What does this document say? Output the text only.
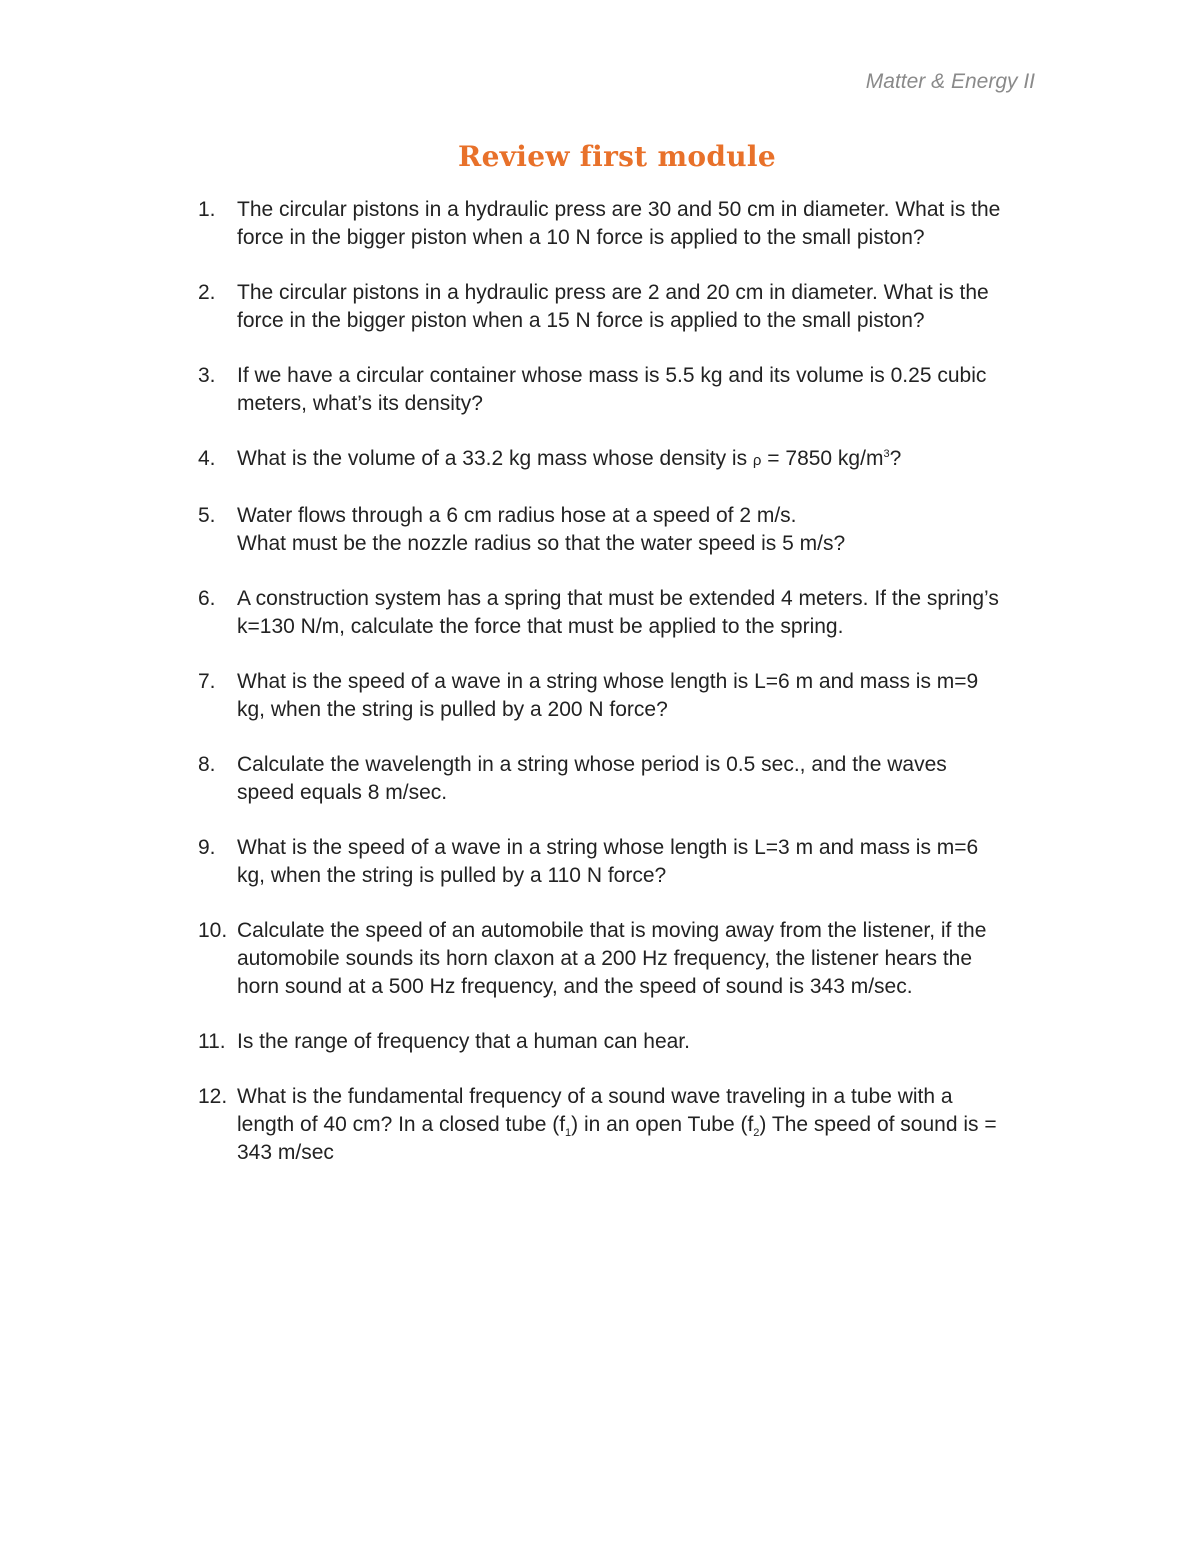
Matter & Energy II
Review first module
1. The circular pistons in a hydraulic press are 30 and 50 cm in diameter. What is the
force in the bigger piston when a 10 N force is applied to the small piston?
2. The circular pistons in a hydraulic press are 2 and 20 cm in diameter. What is the
force in the bigger piston when a 15 N force is applied to the small piston?
3. If we have a circular container whose mass is 5.5 kg and its volume is 0.25 cubic
meters, what’s its density?
4. What is the volume of a 33.2 kg mass whose density is ρ = 7850 $kg/m^3$?
5. Water flows through a 6 cm radius hose at a speed of 2 m/s.
What must be the nozzle radius so that the water speed is 5 m/s?
6. A construction system has a spring that must be extended 4 meters. If the spring’s
k=130 N/m, calculate the force that must be applied to the spring.
7. What is the speed of a wave in a string whose length is L=6 m and mass is m=9
kg, when the string is pulled by a 200 N force?
8. Calculate the wavelength in a string whose period is 0.5 sec., and the waves
speed equals 8 m/sec.
9. What is the speed of a wave in a string whose length is L=3 m and mass is m=6
kg, when the string is pulled by a 110 N force?
10. Calculate the speed of an automobile that is moving away from the listener, if the
automobile sounds its horn claxon at a 200 Hz frequency, the listener hears the
horn sound at a 500 Hz frequency, and the speed of sound is 343 m/sec.
11. Is the range of frequency that a human can hear.
12. What is the fundamental frequency of a sound wave traveling in a tube with a
length of 40 cm? In a closed tube $(f_1)$ in an open Tube $(f_2)$ The speed of sound is =
343 m/sec
